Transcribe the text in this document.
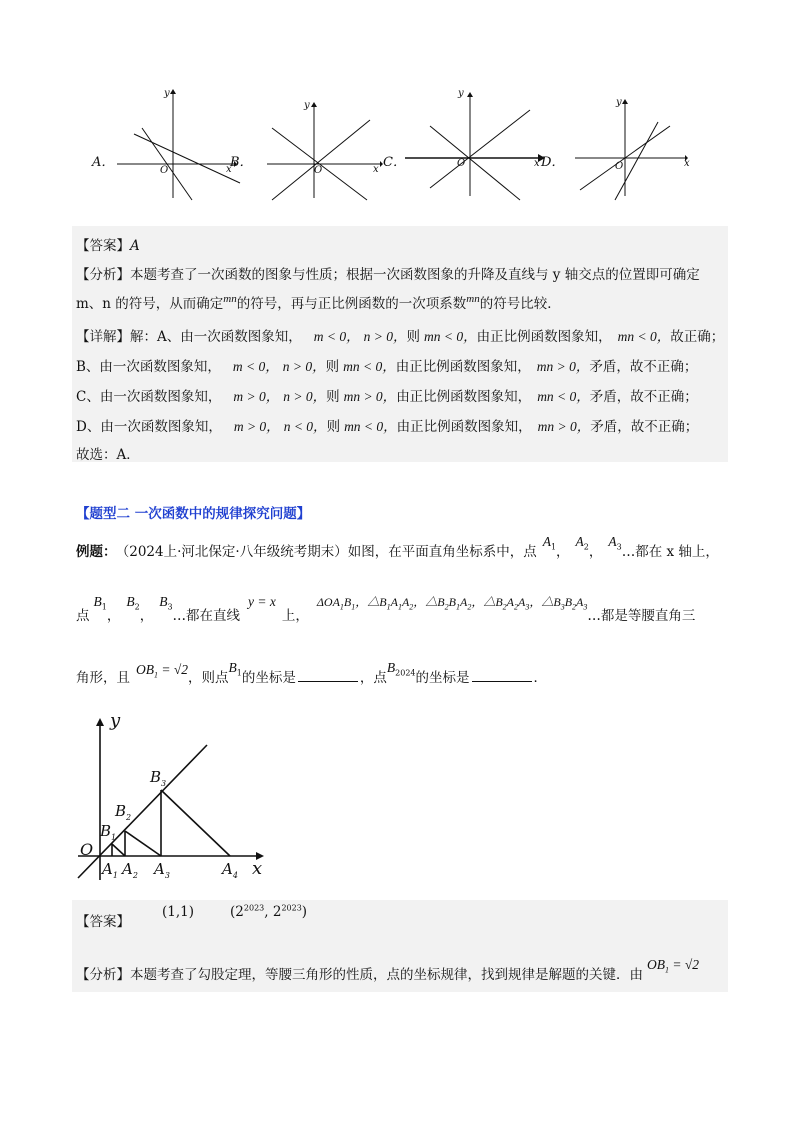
A．
y
O	x
B．
y
O	x C．
y
O	x D．
y
O	x
【答案】A
【分析】本题考查了一次函数的图象与性质；根据一次函数图象的升降及直线与 y 轴交点的位置即可确定
m、n 的符号，从而确定$^{mn}$的符号，再与正比例函数的一次项系数$^{mn}$的符号比较．
【详解】解：A、由一次函数图象知， m < 0， n > 0，则 mn < 0，由正比例函数图象知， mn < 0，故正确；
B、由一次函数图象知， m < 0， n > 0，则 mn < 0，由正比例函数图象知， mn > 0，矛盾，故不正确；
C、由一次函数图象知， m > 0， n > 0，则 mn > 0，由正比例函数图象知， mn < 0，矛盾，故不正确；
D、由一次函数图象知， m > 0， n < 0，则 mn < 0，由正比例函数图象知， mn > 0，矛盾，故不正确；
故选：A．
【题型二 一次函数中的规律探究问题】
例题： （2024上·河北保定·八年级统考期末）如图，在平面直角坐标系中，点$A_1$，$A_2$，$A_3\dots$都在 x 轴上，
点$B_1$，$B_2$，$B_3\dots$都在直线y = x上，$\Delta OA_1B_1$，$\triangle B_1A_1A_2$，$\triangle B_2B_1A_2$，$\triangle B_2A_2A_3$，$\triangle B_3B_2A_3\dots$都是等腰直角三
角形，且$OB_1 = √2$，则点$B_1$的坐标是	，点$B_{2024}$的坐标是	．
y
x
O
$B_1$
$B_2$
$B_3$
$A_1$ $A_2$ $A_3$	$A_4$
【答案】(1,1)	($2^{2023}$, $2^{2023}$)
【分析】本题考查了勾股定理，等腰三角形的性质，点的坐标规律，找到规律是解题的关键．由$OB_1 = √2$
